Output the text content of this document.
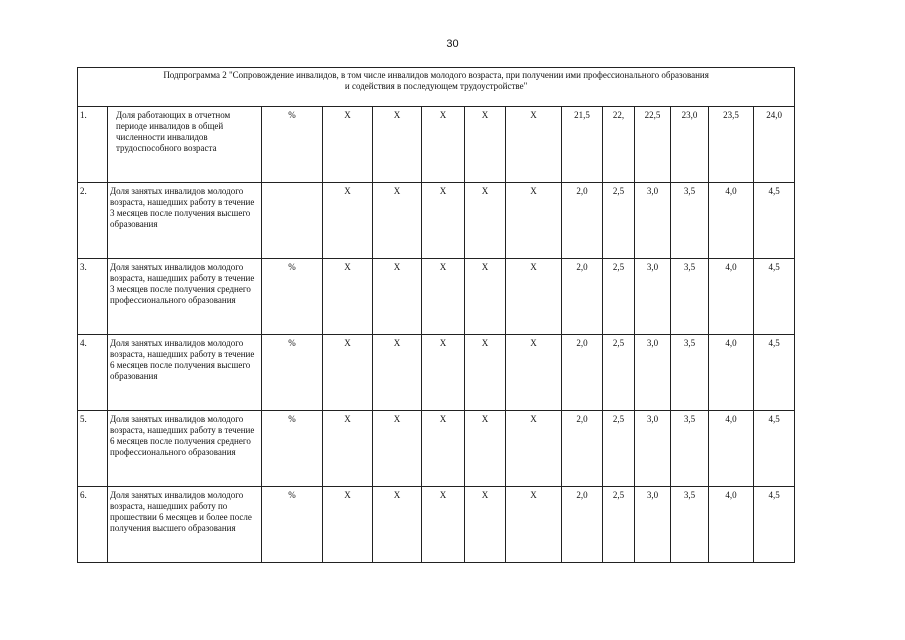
30
Подпрограмма 2 "Сопровождение инвалидов, в том числе инвалидов молодого возраста, при получении ими профессионального образования
и содействия в последующем трудоустройстве"													

1.	Доля работающих в отчетном периоде инвалидов в общей численности инвалидов трудоспособного возраста	%	Х	Х	Х	Х	Х	21,5	22,	22,5	23,0	23,5	24,0
2.	Доля занятых инвалидов молодого возраста, нашедших работу в течение 3 месяцев после получения высшего образования		Х	Х	Х	Х	Х	2,0	2,5	3,0	3,5	4,0	4,5
3.	Доля занятых инвалидов молодого возраста, нашедших работу в течение 3 месяцев после получения среднего профессионального образования	%	Х	Х	Х	Х	Х	2,0	2,5	3,0	3,5	4,0	4,5
4.	Доля занятых инвалидов молодого возраста, нашедших работу в течение 6 месяцев после получения высшего образования	%	Х	Х	Х	Х	Х	2,0	2,5	3,0	3,5	4,0	4,5
5.	Доля занятых инвалидов молодого возраста, нашедших работу в течение 6 месяцев после получения среднего профессионального образования	%	Х	Х	Х	Х	Х	2,0	2,5	3,0	3,5	4,0	4,5
6.	Доля занятых инвалидов молодого возраста, нашедших работу по прошествии 6 месяцев и более после получения высшего образования	%	Х	Х	Х	Х	Х	2,0	2,5	3,0	3,5	4,0	4,5
